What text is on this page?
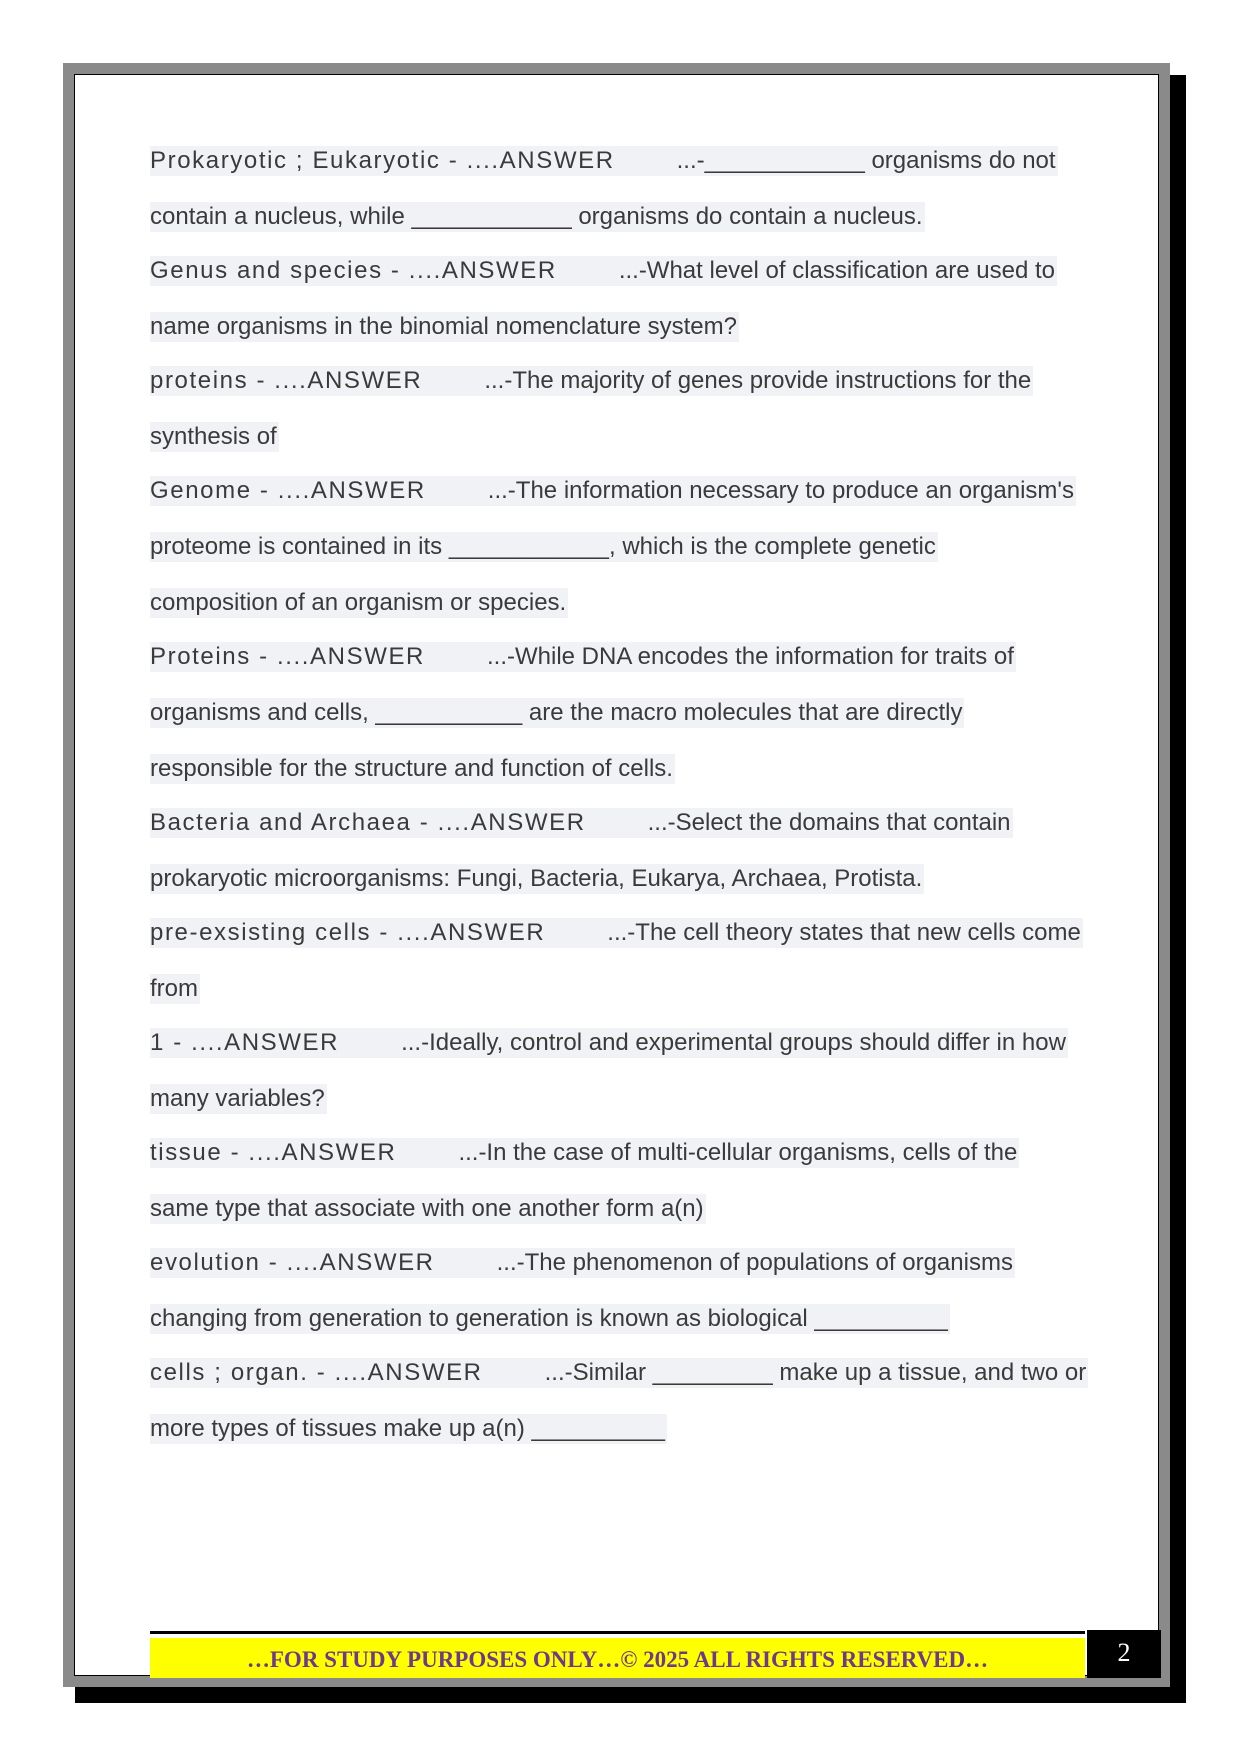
Prokaryotic ; Eukaryotic - ....ANSWER	...-____________ organisms do not
contain a nucleus, while ____________ organisms do contain a nucleus.
Genus and species - ....ANSWER	...-What level of classification are used to
name organisms in the binomial nomenclature system?
proteins - ....ANSWER	...-The majority of genes provide instructions for the
synthesis of
Genome - ....ANSWER	...-The information necessary to produce an organism's
proteome is contained in its ____________, which is the complete genetic
composition of an organism or species.
Proteins - ....ANSWER	...-While DNA encodes the information for traits of
organisms and cells, ___________ are the macro molecules that are directly
responsible for the structure and function of cells.
Bacteria and Archaea - ....ANSWER	...-Select the domains that contain
prokaryotic microorganisms: Fungi, Bacteria, Eukarya, Archaea, Protista.
pre-exsisting cells - ....ANSWER	...-The cell theory states that new cells come
from
1 - ....ANSWER	...-Ideally, control and experimental groups should differ in how
many variables?
tissue - ....ANSWER	...-In the case of multi-cellular organisms, cells of the
same type that associate with one another form a(n)
evolution - ....ANSWER	...-The phenomenon of populations of organisms
changing from generation to generation is known as biological __________
cells ; organ. - ....ANSWER	...-Similar _________ make up a tissue, and two or
more types of tissues make up a(n) __________
…FOR STUDY PURPOSES ONLY…© 2025 ALL RIGHTS RESERVED…	2
